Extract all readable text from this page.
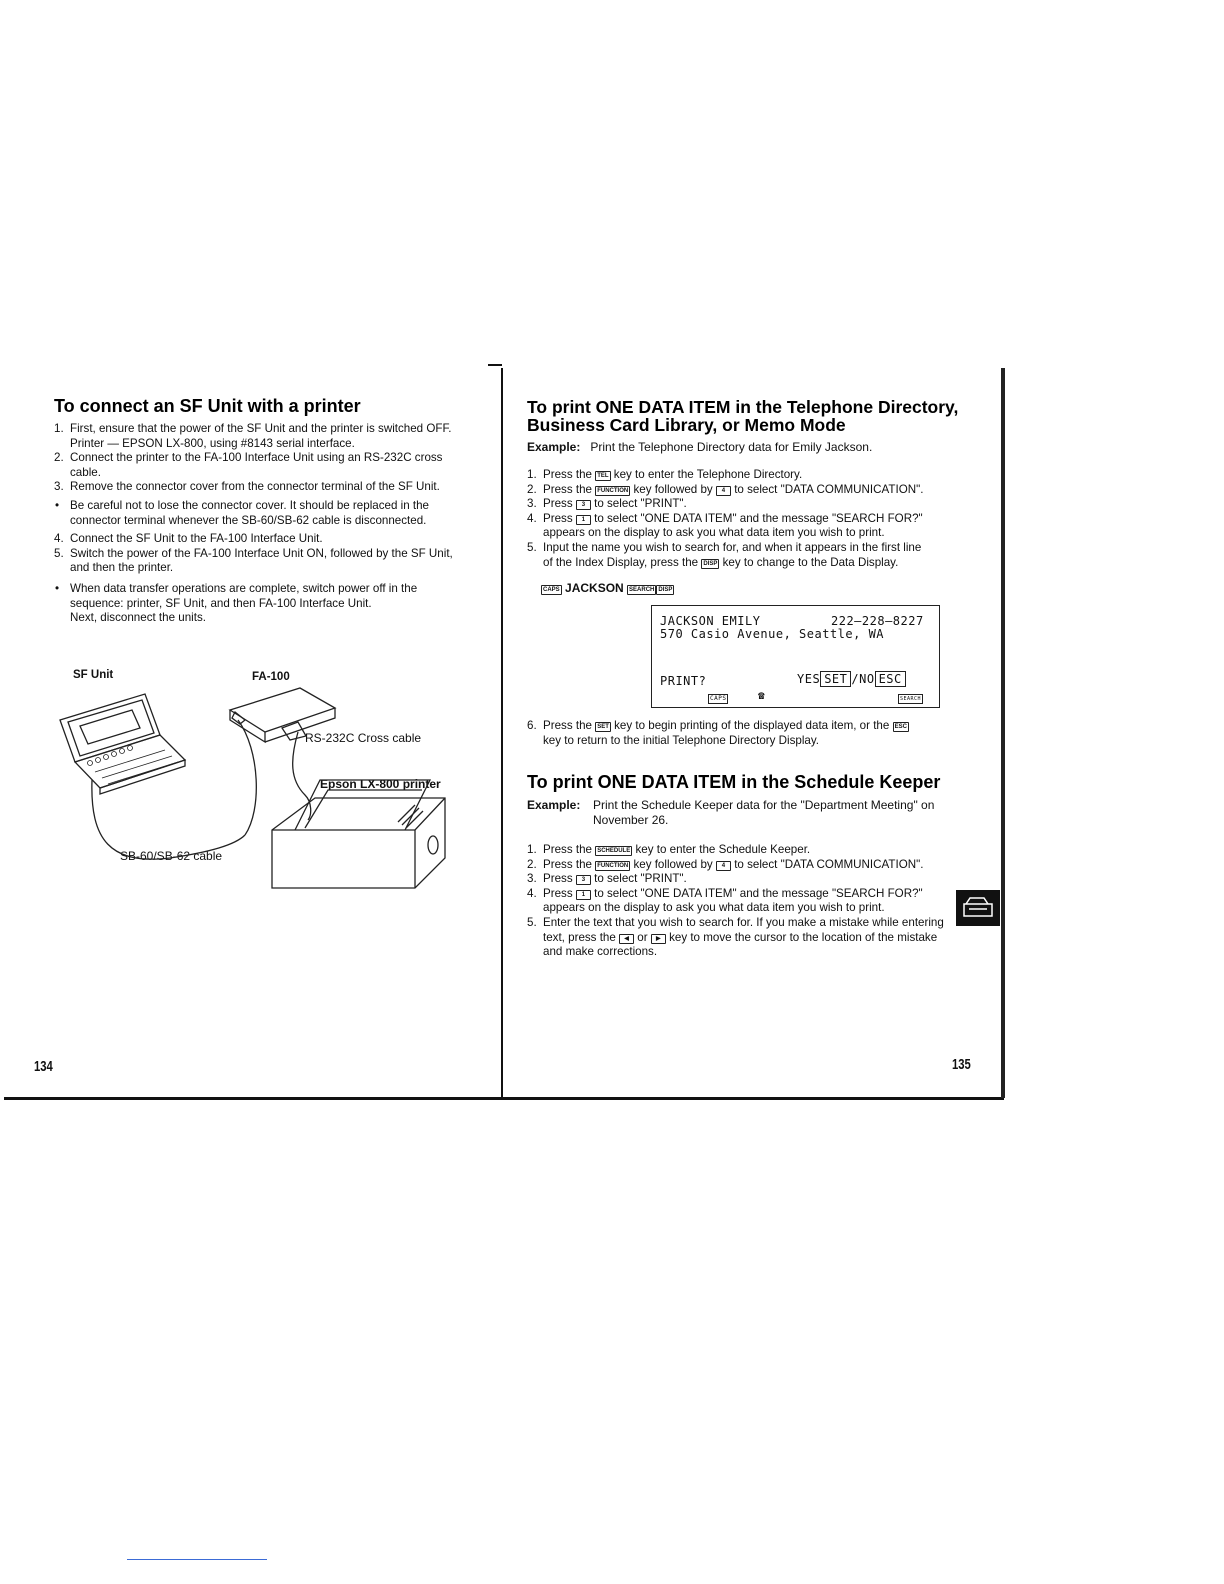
To connect an SF Unit with a printer
1. First, ensure that the power of the SF Unit and the printer is switched OFF.
Printer — EPSON LX-800, using #8143 serial interface.
2. Connect the printer to the FA-100 Interface Unit using an RS-232C cross
cable.
3. Remove the connector cover from the connector terminal of the SF Unit.
• Be careful not to lose the connector cover. It should be replaced in the
connector terminal whenever the SB-60/SB-62 cable is disconnected.
4. Connect the SF Unit to the FA-100 Interface Unit.
5. Switch the power of the FA-100 Interface Unit ON, followed by the SF Unit,
and then the printer.
• When data transfer operations are complete, switch power off in the
sequence: printer, SF Unit, and then FA-100 Interface Unit.
Next, disconnect the units.
SF Unit	FA-100
RS-232C Cross cable
Epson LX-800 printer
SB-60/SB-62 cable
134
To print ONE DATA ITEM in the Telephone Directory,
Business Card Library, or Memo Mode
Example: Print the Telephone Directory data for Emily Jackson.
1. Press the TEL key to enter the Telephone Directory.
2. Press the FUNCTION key followed by 4 to select "DATA COMMUNICATION".
3. Press 3 to select "PRINT".
4. Press 1 to select "ONE DATA ITEM" and the message "SEARCH FOR?"
appears on the display to ask you what data item you wish to print.
5. Input the name you wish to search for, and when it appears in the first line
of the Index Display, press the DISP key to change to the Data Display.
CAPS JACKSON SEARCH DISP
JACKSON EMILY	222–228–8227
570 Casio Avenue, Seattle, WA
PRINT?	YES SET /NO ESC
CAPS	☎	SEARCH
6. Press the SET key to begin printing of the displayed data item, or the ESC
key to return to the initial Telephone Directory Display.
To print ONE DATA ITEM in the Schedule Keeper
Example: Print the Schedule Keeper data for the "Department Meeting" on
November 26.
1. Press the SCHEDULE key to enter the Schedule Keeper.
2. Press the FUNCTION key followed by 4 to select "DATA COMMUNICATION".
3. Press 3 to select "PRINT".
4. Press 1 to select "ONE DATA ITEM" and the message "SEARCH FOR?"
appears on the display to ask you what data item you wish to print.
5. Enter the text that you wish to search for. If you make a mistake while entering
text, press the ◀ or ▶ key to move the cursor to the location of the mistake
and make corrections.
135
